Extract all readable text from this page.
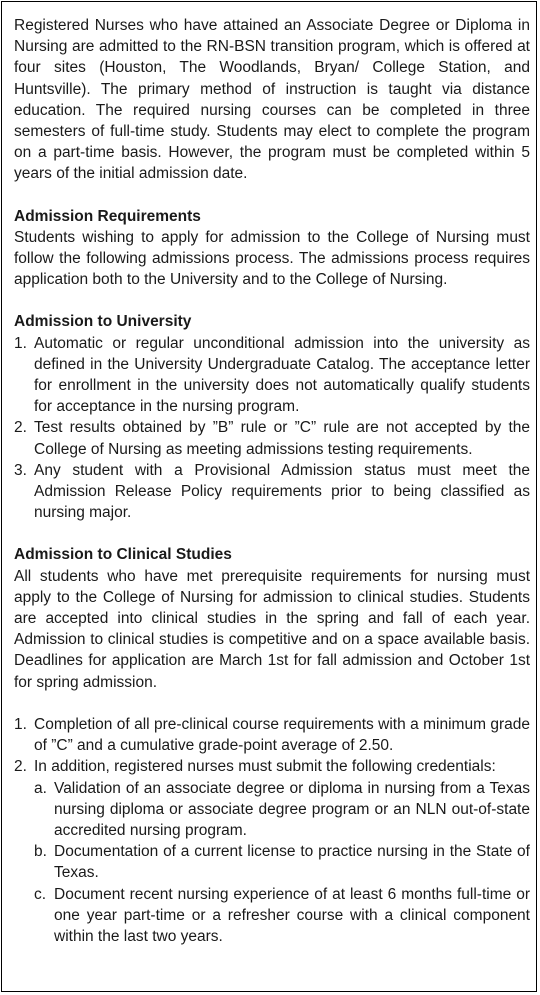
Registered Nurses who have attained an Associate Degree or Diploma in Nursing are admitted to the RN-BSN transition program, which is offered at four sites (Houston, The Woodlands, Bryan/ College Station, and Huntsville). The primary method of instruction is taught via distance education. The required nursing courses can be completed in three semesters of full-time study. Students may elect to complete the program on a part-time basis. However, the program must be completed within 5 years of the initial admission date.

Admission Requirements

Students wishing to apply for admission to the College of Nursing must follow the following admissions process. The admissions process requires application both to the University and to the College of Nursing.

Admission to University
1. Automatic or regular unconditional admission into the university as defined in the University Undergraduate Catalog. The acceptance letter for enrollment in the university does not automatically qualify students for acceptance in the nursing program.
2. Test results obtained by ”B” rule or ”C” rule are not accepted by the College of Nursing as meeting admissions testing requirements.
3. Any student with a Provisional Admission status must meet the Admission Release Policy requirements prior to being classified as nursing major.
Admission to Clinical Studies

All students who have met prerequisite requirements for nursing must apply to the College of Nursing for admission to clinical studies. Students are accepted into clinical studies in the spring and fall of each year. Admission to clinical studies is competitive and on a space available basis. Deadlines for application are March 1st for fall admission and October 1st for spring admission.

1. Completion of all pre-clinical course requirements with a minimum grade of ”C” and a cumulative grade-point average of 2.50.
2. In addition, registered nurses must submit the following credentials:
a. Validation of an associate degree or diploma in nursing from a Texas nursing diploma or associate degree program or an NLN out-of-state accredited nursing program.
b. Documentation of a current license to practice nursing in the State of Texas.
c. Document recent nursing experience of at least 6 months full-time or one year part-time or a refresher course with a clinical component within the last two years.
